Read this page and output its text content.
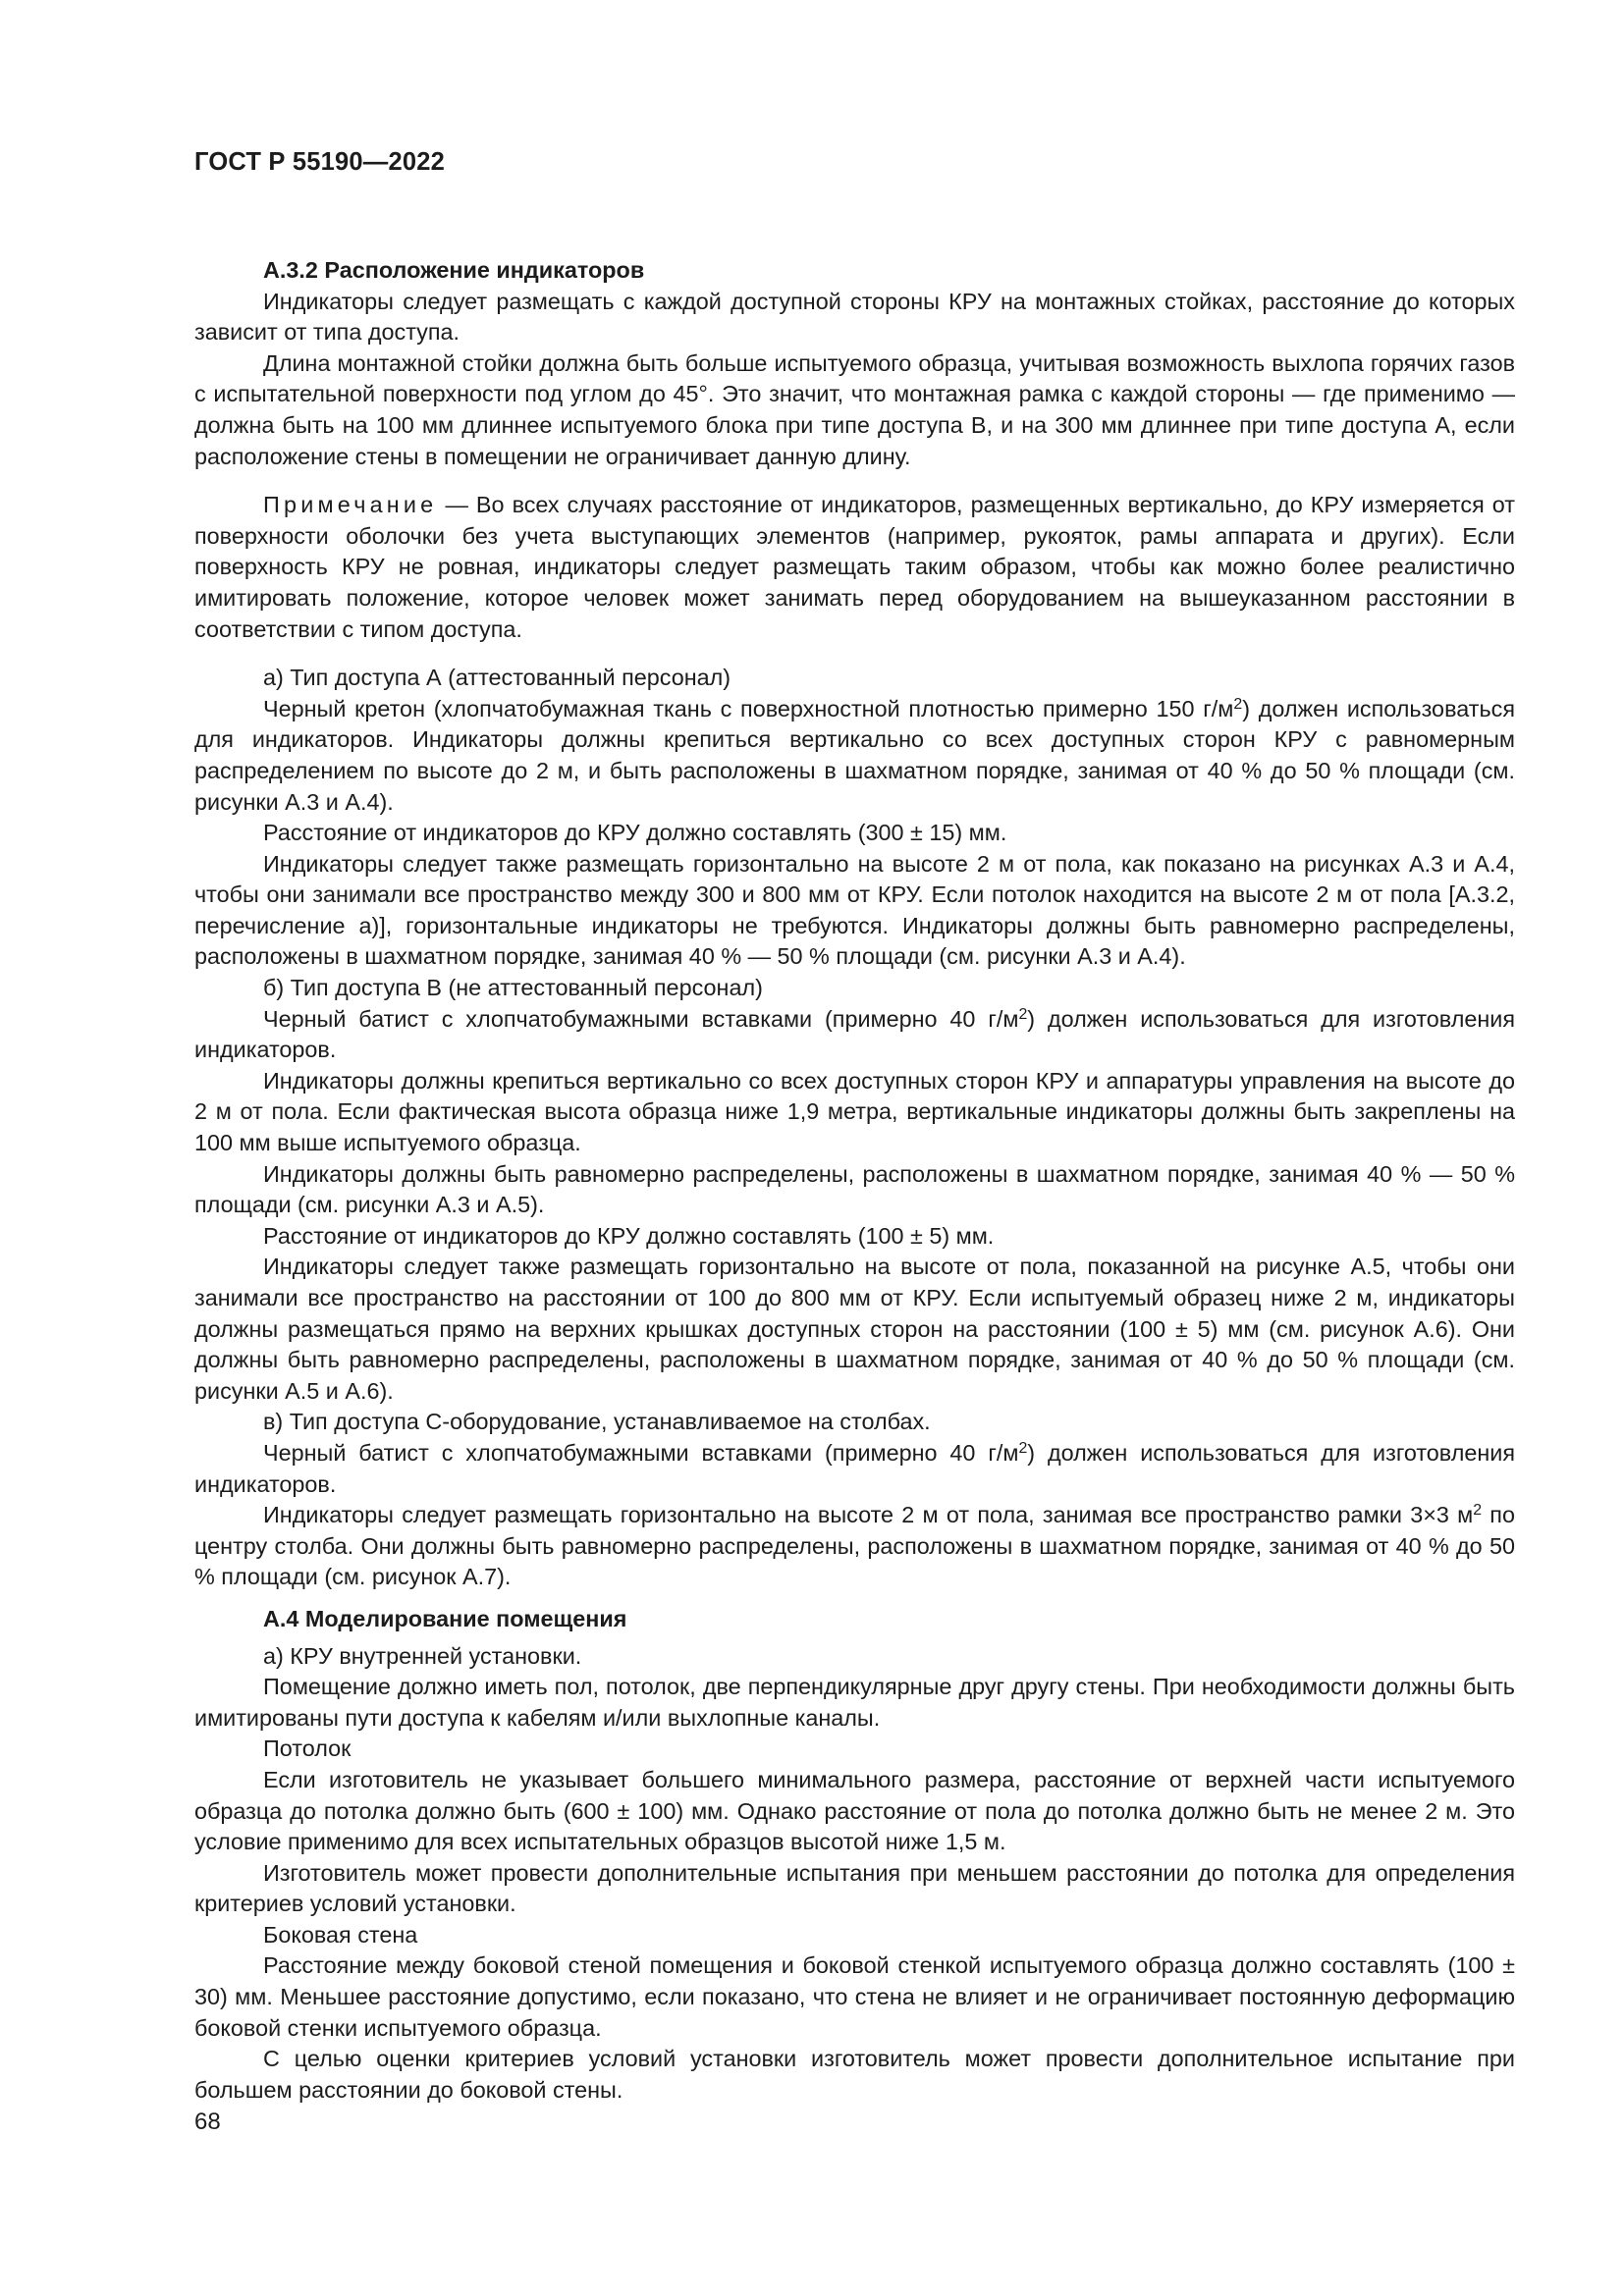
ГОСТ Р 55190—2022

А.3.2 Расположение индикаторов

Индикаторы следует размещать с каждой доступной стороны КРУ на монтажных стойках, расстояние до которых зависит от типа доступа.

Длина монтажной стойки должна быть больше испытуемого образца, учитывая возможность выхлопа горячих газов с испытательной поверхности под углом до 45°. Это значит, что монтажная рамка с каждой стороны — где применимо — должна быть на 100 мм длиннее испытуемого блока при типе доступа В, и на 300 мм длиннее при типе доступа А, если расположение стены в помещении не ограничивает данную длину.

Примечание — Во всех случаях расстояние от индикаторов, размещенных вертикально, до КРУ измеряется от поверхности оболочки без учета выступающих элементов (например, рукояток, рамы аппарата и других). Если поверхность КРУ не ровная, индикаторы следует размещать таким образом, чтобы как можно более реалистично имитировать положение, которое человек может занимать перед оборудованием на вышеуказанном расстоянии в соответствии с типом доступа.

а) Тип доступа А (аттестованный персонал)

Черный кретон (хлопчатобумажная ткань с поверхностной плотностью примерно 150 $г/м^2$) должен использоваться для индикаторов. Индикаторы должны крепиться вертикально со всех доступных сторон КРУ с равномерным распределением по высоте до 2 м, и быть расположены в шахматном порядке, занимая от 40 % до 50 % площади (см. рисунки А.3 и А.4).

Расстояние от индикаторов до КРУ должно составлять (300 ± 15) мм.

Индикаторы следует также размещать горизонтально на высоте 2 м от пола, как показано на рисунках А.3 и А.4, чтобы они занимали все пространство между 300 и 800 мм от КРУ. Если потолок находится на высоте 2 м от пола [А.3.2, перечисление а)], горизонтальные индикаторы не требуются. Индикаторы должны быть равномерно распределены, расположены в шахматном порядке, занимая 40 % — 50 % площади (см. рисунки А.3 и А.4).

б) Тип доступа В (не аттестованный персонал)

Черный батист с хлопчатобумажными вставками (примерно 40 $г/м^2$) должен использоваться для изготовления индикаторов.

Индикаторы должны крепиться вертикально со всех доступных сторон КРУ и аппаратуры управления на высоте до 2 м от пола. Если фактическая высота образца ниже 1,9 метра, вертикальные индикаторы должны быть закреплены на 100 мм выше испытуемого образца.

Индикаторы должны быть равномерно распределены, расположены в шахматном порядке, занимая 40 % — 50 % площади (см. рисунки А.3 и А.5).

Расстояние от индикаторов до КРУ должно составлять (100 ± 5) мм.

Индикаторы следует также размещать горизонтально на высоте от пола, показанной на рисунке А.5, чтобы они занимали все пространство на расстоянии от 100 до 800 мм от КРУ. Если испытуемый образец ниже 2 м, индикаторы должны размещаться прямо на верхних крышках доступных сторон на расстоянии (100 ± 5) мм (см. рисунок А.6). Они должны быть равномерно распределены, расположены в шахматном порядке, занимая от 40 % до 50 % площади (см. рисунки А.5 и А.6).

в) Тип доступа С-оборудование, устанавливаемое на столбах.

Черный батист с хлопчатобумажными вставками (примерно 40 $г/м^2$) должен использоваться для изготовления индикаторов.

Индикаторы следует размещать горизонтально на высоте 2 м от пола, занимая все пространство рамки 3×3 $м^2$ по центру столба. Они должны быть равномерно распределены, расположены в шахматном порядке, занимая от 40 % до 50 % площади (см. рисунок А.7).

А.4 Моделирование помещения

а) КРУ внутренней установки.

Помещение должно иметь пол, потолок, две перпендикулярные друг другу стены. При необходимости должны быть имитированы пути доступа к кабелям и/или выхлопные каналы.

Потолок

Если изготовитель не указывает большего минимального размера, расстояние от верхней части испытуемого образца до потолка должно быть (600 ± 100) мм. Однако расстояние от пола до потолка должно быть не менее 2 м. Это условие применимо для всех испытательных образцов высотой ниже 1,5 м.

Изготовитель может провести дополнительные испытания при меньшем расстоянии до потолка для определения критериев условий установки.

Боковая стена

Расстояние между боковой стеной помещения и боковой стенкой испытуемого образца должно составлять (100 ± 30) мм. Меньшее расстояние допустимо, если показано, что стена не влияет и не ограничивает постоянную деформацию боковой стенки испытуемого образца.

С целью оценки критериев условий установки изготовитель может провести дополнительное испытание при большем расстоянии до боковой стены.

68
